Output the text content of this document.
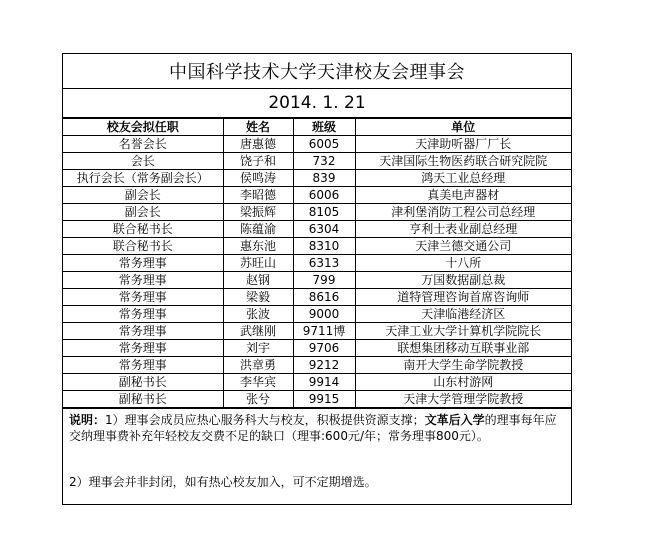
中国科学技术大学天津校友会理事会
2014. 1. 21
校友会拟任职	姓名	班级	单位
名誉会长	唐惠德	6005	天津助听器厂厂长
会长	饶子和	732	天津国际生物医药联合研究院院
执行会长（常务副会长）	侯鸣涛	839	鸿天工业总经理
副会长	李昭德	6006	真美电声器材
副会长	梁振辉	8105	津利堡消防工程公司总经理
联合秘书长	陈蕴渝	6304	亨利士表业副总经理
联合秘书长	惠东池	8310	天津兰德交通公司
常务理事	苏旺山	6313	十八所
常务理事	赵钢	799	万国数据副总裁
常务理事	梁毅	8616	道特管理咨询首席咨询师
常务理事	张波	9000	天津临港经济区
常务理事	武继刚	9711博	天津工业大学计算机学院院长
常务理事	刘宇	9706	联想集团移动互联事业部
常务理事	洪章勇	9212	南开大学生命学院教授
副秘书长	李华宾	9914	山东村游网
副秘书长	张兮	9915	天津大学管理学院教授
说明：1）理事会成员应热心服务科大与校友，积极提供资源支撑；文革后入学的理事每年应交纳理事费补充年轻校友交费不足的缺口（理事:600元/年；常务理事800元）。
2）理事会并非封闭，如有热心校友加入，可不定期增选。
